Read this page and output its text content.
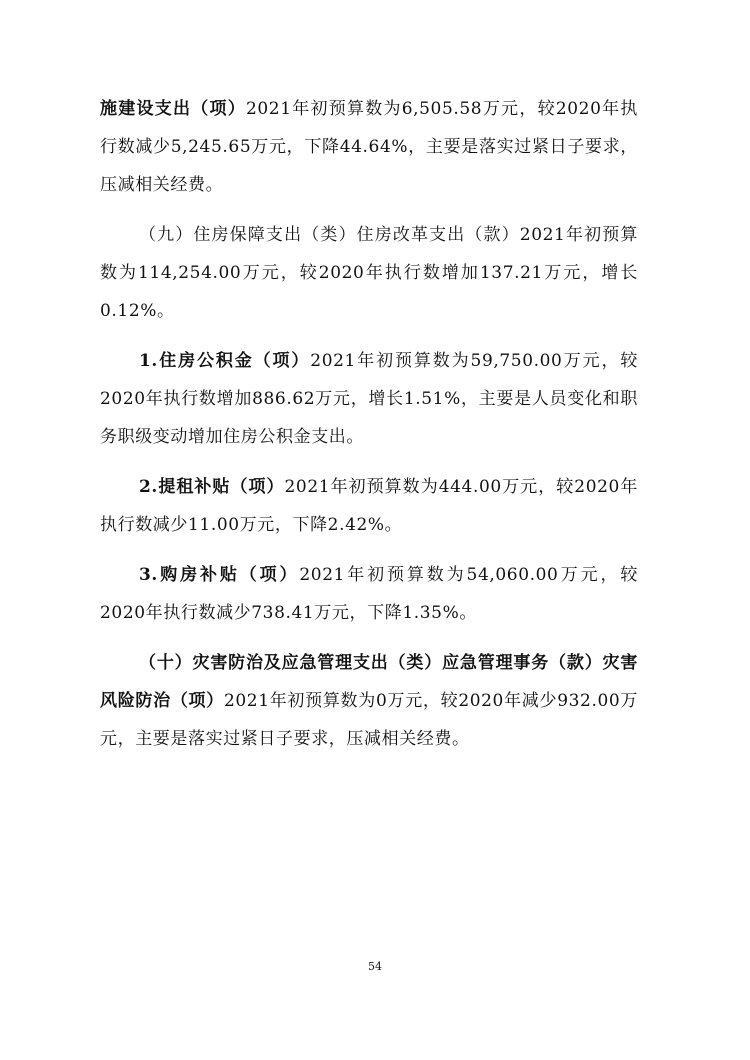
施建设支出（项）2021年初预算数为6,505.58万元，较2020年执行数减少5,245.65万元，下降44.64%，主要是落实过紧日子要求，压减相关经费。

（九）住房保障支出（类）住房改革支出（款）2021年初预算数为114,254.00万元，较2020年执行数增加137.21万元，增长0.12%。

1.住房公积金（项）2021年初预算数为59,750.00万元，较2020年执行数增加886.62万元，增长1.51%，主要是人员变化和职务职级变动增加住房公积金支出。

2.提租补贴（项）2021年初预算数为444.00万元，较2020年执行数减少11.00万元，下降2.42%。

3.购房补贴（项）2021年初预算数为54,060.00万元，较2020年执行数减少738.41万元，下降1.35%。

（十）灾害防治及应急管理支出（类）应急管理事务（款）灾害风险防治（项）2021年初预算数为0万元，较2020年减少932.00万元，主要是落实过紧日子要求，压减相关经费。

54
